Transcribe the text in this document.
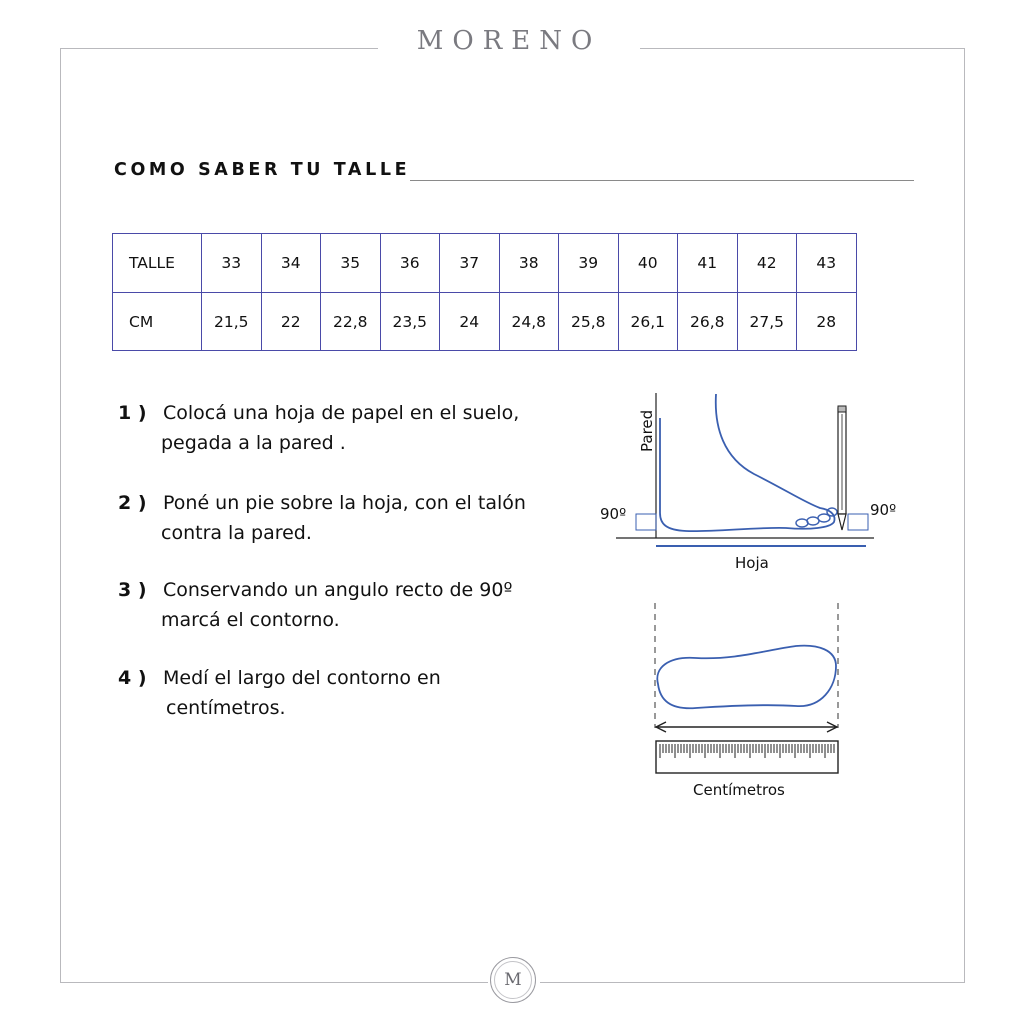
MORENO
M
COMO SABER TU TALLE
TALLE	33	34	35	36	37	38	39	40	41	42	43
CM	21,5	22	22,8	23,5	24	24,8	25,8	26,1	26,8	27,5	28
1 ) Colocá una hoja de papel en el suelo,
pegada a la pared .
2 ) Poné un pie sobre la hoja, con el talón
contra la pared.
3 ) Conservando un angulo recto de 90º
marcá el contorno.
4 ) Medí el largo del contorno en
centímetros.
Pared
90º	90º
Hoja
Centímetros
